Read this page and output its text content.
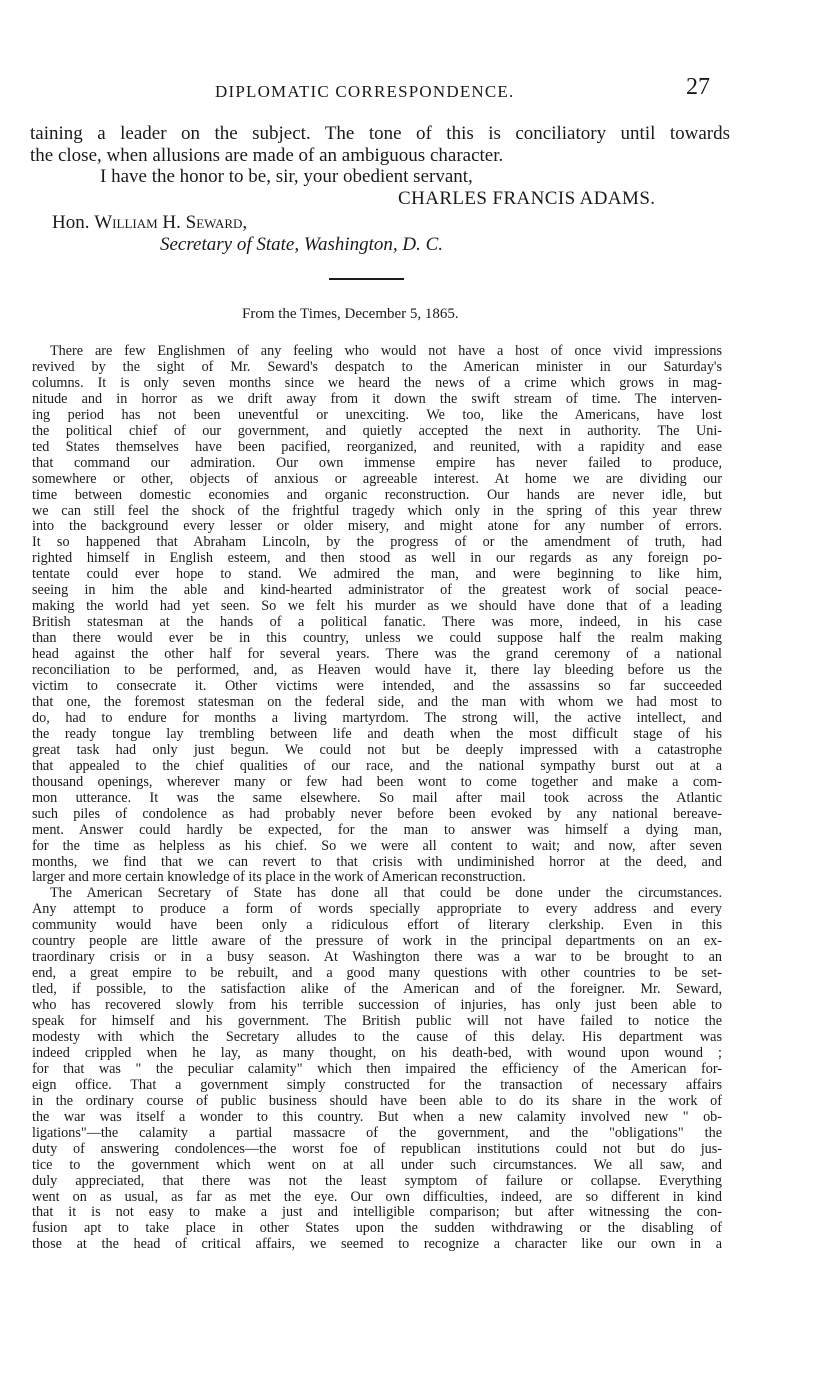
DIPLOMATIC CORRESPONDENCE.	27
taining a leader on the subject. The tone of this is conciliatory until towards
the close, when allusions are made of an ambiguous character.
I have the honor to be, sir, your obedient servant,
CHARLES FRANCIS ADAMS.
Hon. William H. Seward,
Secretary of State, Washington, D. C.
From the Times, December 5, 1865.
There are few Englishmen of any feeling who would not have a host of once vivid impressions
revived by the sight of Mr. Seward's despatch to the American minister in our Saturday's
columns. It is only seven months since we heard the news of a crime which grows in mag-
nitude and in horror as we drift away from it down the swift stream of time. The interven-
ing period has not been uneventful or unexciting. We too, like the Americans, have lost
the political chief of our government, and quietly accepted the next in authority. The Uni-
ted States themselves have been pacified, reorganized, and reunited, with a rapidity and ease
that command our admiration. Our own immense empire has never failed to produce,
somewhere or other, objects of anxious or agreeable interest. At home we are dividing our
time between domestic economies and organic reconstruction. Our hands are never idle, but
we can still feel the shock of the frightful tragedy which only in the spring of this year threw
into the background every lesser or older misery, and might atone for any number of errors.
It so happened that Abraham Lincoln, by the progress of or the amendment of truth, had
righted himself in English esteem, and then stood as well in our regards as any foreign po-
tentate could ever hope to stand. We admired the man, and were beginning to like him,
seeing in him the able and kind-hearted administrator of the greatest work of social peace-
making the world had yet seen. So we felt his murder as we should have done that of a leading
British statesman at the hands of a political fanatic. There was more, indeed, in his case
than there would ever be in this country, unless we could suppose half the realm making
head against the other half for several years. There was the grand ceremony of a national
reconciliation to be performed, and, as Heaven would have it, there lay bleeding before us the
victim to consecrate it. Other victims were intended, and the assassins so far succeeded
that one, the foremost statesman on the federal side, and the man with whom we had most to
do, had to endure for months a living martyrdom. The strong will, the active intellect, and
the ready tongue lay trembling between life and death when the most difficult stage of his
great task had only just begun. We could not but be deeply impressed with a catastrophe
that appealed to the chief qualities of our race, and the national sympathy burst out at a
thousand openings, wherever many or few had been wont to come together and make a com-
mon utterance. It was the same elsewhere. So mail after mail took across the Atlantic
such piles of condolence as had probably never before been evoked by any national bereave-
ment. Answer could hardly be expected, for the man to answer was himself a dying man,
for the time as helpless as his chief. So we were all content to wait; and now, after seven
months, we find that we can revert to that crisis with undiminished horror at the deed, and
larger and more certain knowledge of its place in the work of American reconstruction.
The American Secretary of State has done all that could be done under the circumstances.
Any attempt to produce a form of words specially appropriate to every address and every
community would have been only a ridiculous effort of literary clerkship. Even in this
country people are little aware of the pressure of work in the principal departments on an ex-
traordinary crisis or in a busy season. At Washington there was a war to be brought to an
end, a great empire to be rebuilt, and a good many questions with other countries to be set-
tled, if possible, to the satisfaction alike of the American and of the foreigner. Mr. Seward,
who has recovered slowly from his terrible succession of injuries, has only just been able to
speak for himself and his government. The British public will not have failed to notice the
modesty with which the Secretary alludes to the cause of this delay. His department was
indeed crippled when he lay, as many thought, on his death-bed, with wound upon wound ;
for that was " the peculiar calamity" which then impaired the efficiency of the American for-
eign office. That a government simply constructed for the transaction of necessary affairs
in the ordinary course of public business should have been able to do its share in the work of
the war was itself a wonder to this country. But when a new calamity involved new " ob-
ligations"—the calamity a partial massacre of the government, and the "obligations" the
duty of answering condolences—the worst foe of republican institutions could not but do jus-
tice to the government which went on at all under such circumstances. We all saw, and
duly appreciated, that there was not the least symptom of failure or collapse. Everything
went on as usual, as far as met the eye. Our own difficulties, indeed, are so different in kind
that it is not easy to make a just and intelligible comparison; but after witnessing the con-
fusion apt to take place in other States upon the sudden withdrawing or the disabling of
those at the head of critical affairs, we seemed to recognize a character like our own in a
